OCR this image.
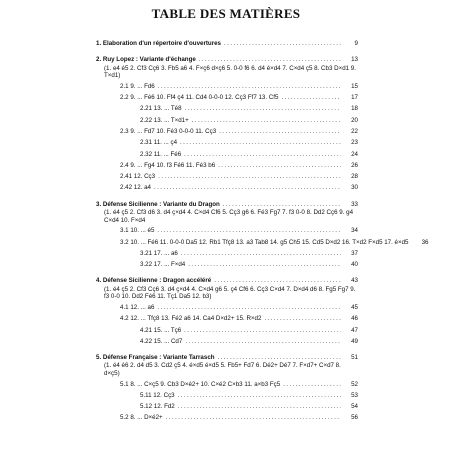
TABLE DES MATIÈRES
1. Elaboration d'un répertoire d'ouvertures .....	9
2. Ruy Lopez : Variante d'échange .....	13
(1. e4 é5 2. Cf3 Cç6 3. Fb5 a6 4. F×ç6 d×ç6 5. 0-0 f6 6. d4 é×d4 7. C×d4 ç5 8. Cb3 D×d1 9. T×d1)
2.1 9. ... Fd6 .....	15
2.2 9. ... Fé6 10. Ff4 ç4 11. Cd4 0-0-0 12. Cç3 Ff7 13. Cf5 .....	17
2.21 13. ... Té8 .....	18
2.22 13. ... T×d1+ .....	20
2.3 9. ... Fd7 10. Fé3 0-0-0 11. Cç3 .....	22
2.31 11. ... ç4 .....	23
2.32 11. ... Fé6 .....	24
2.4 9. ... Fg4 10. f3 Fé6 11. Fé3 b6 .....	26
2.41 12. Cç3 .....	28
2.42 12. a4 .....	30
3. Défense Sicilienne : Variante du Dragon .....	33
(1. é4 ç5 2. Cf3 d6 3. d4 ç×d4 4. C×d4 Cf6 5. Cç3 g6 6. Fé3 Fg7 7. f3 0-0 8. Dd2 Cç6 9. g4 C×d4 10. F×d4
3.1 10. ... é5 .....	34
3.2 10. ... Fé6 11. 0-0-0 Da5 12. Rb1 Tfç8 13. a3 Tab8 14. g5 Ch5 15. Cd5 D×d2 16. T×d2 F×d5 17. é×d5	36
3.21 17. ... a6 .....	37
3.22 17. ... F×d4 .....	40
4. Défense Sicilienne : Dragon accéléré .....	43
(1. é4 ç5 2. Cf3 Cç6 3. d4 ç×d4 4. C×d4 g6 5. ç4 Cf6 6. Cç3 C×d4 7. D×d4 d6 8. Fg5 Fg7 9. f3 0-0 10. Dd2 Fé6 11. Tç1 Da5 12. b3)
4.1 12. ... a6 .....	45
4.2 12. ... Tfç8 13. Fé2 a6 14. Ca4 D×d2+ 15. R×d2 .....	46
4.21 15. ... Tç6 .....	47
4.22 15. ... Cd7 .....	49
5. Défense Française : Variante Tarrasch .....	51
(1. é4 é6 2. d4 d5 3. Cd2 ç5 4. é×d5 é×d5 5. Fb5+ Fd7 6. Dé2+ Dé7 7. F×d7+ C×d7 8. d×ç5)
5.1 8. ... C×ç5 9. Cb3 D×é2+ 10. C×é2 C×b3 11. a×b3 Fç5 .....	52
5.11 12. Cç3 .....	53
5.12 12. Fd2 .....	54
5.2 8. ... D×é2+ .....	56
